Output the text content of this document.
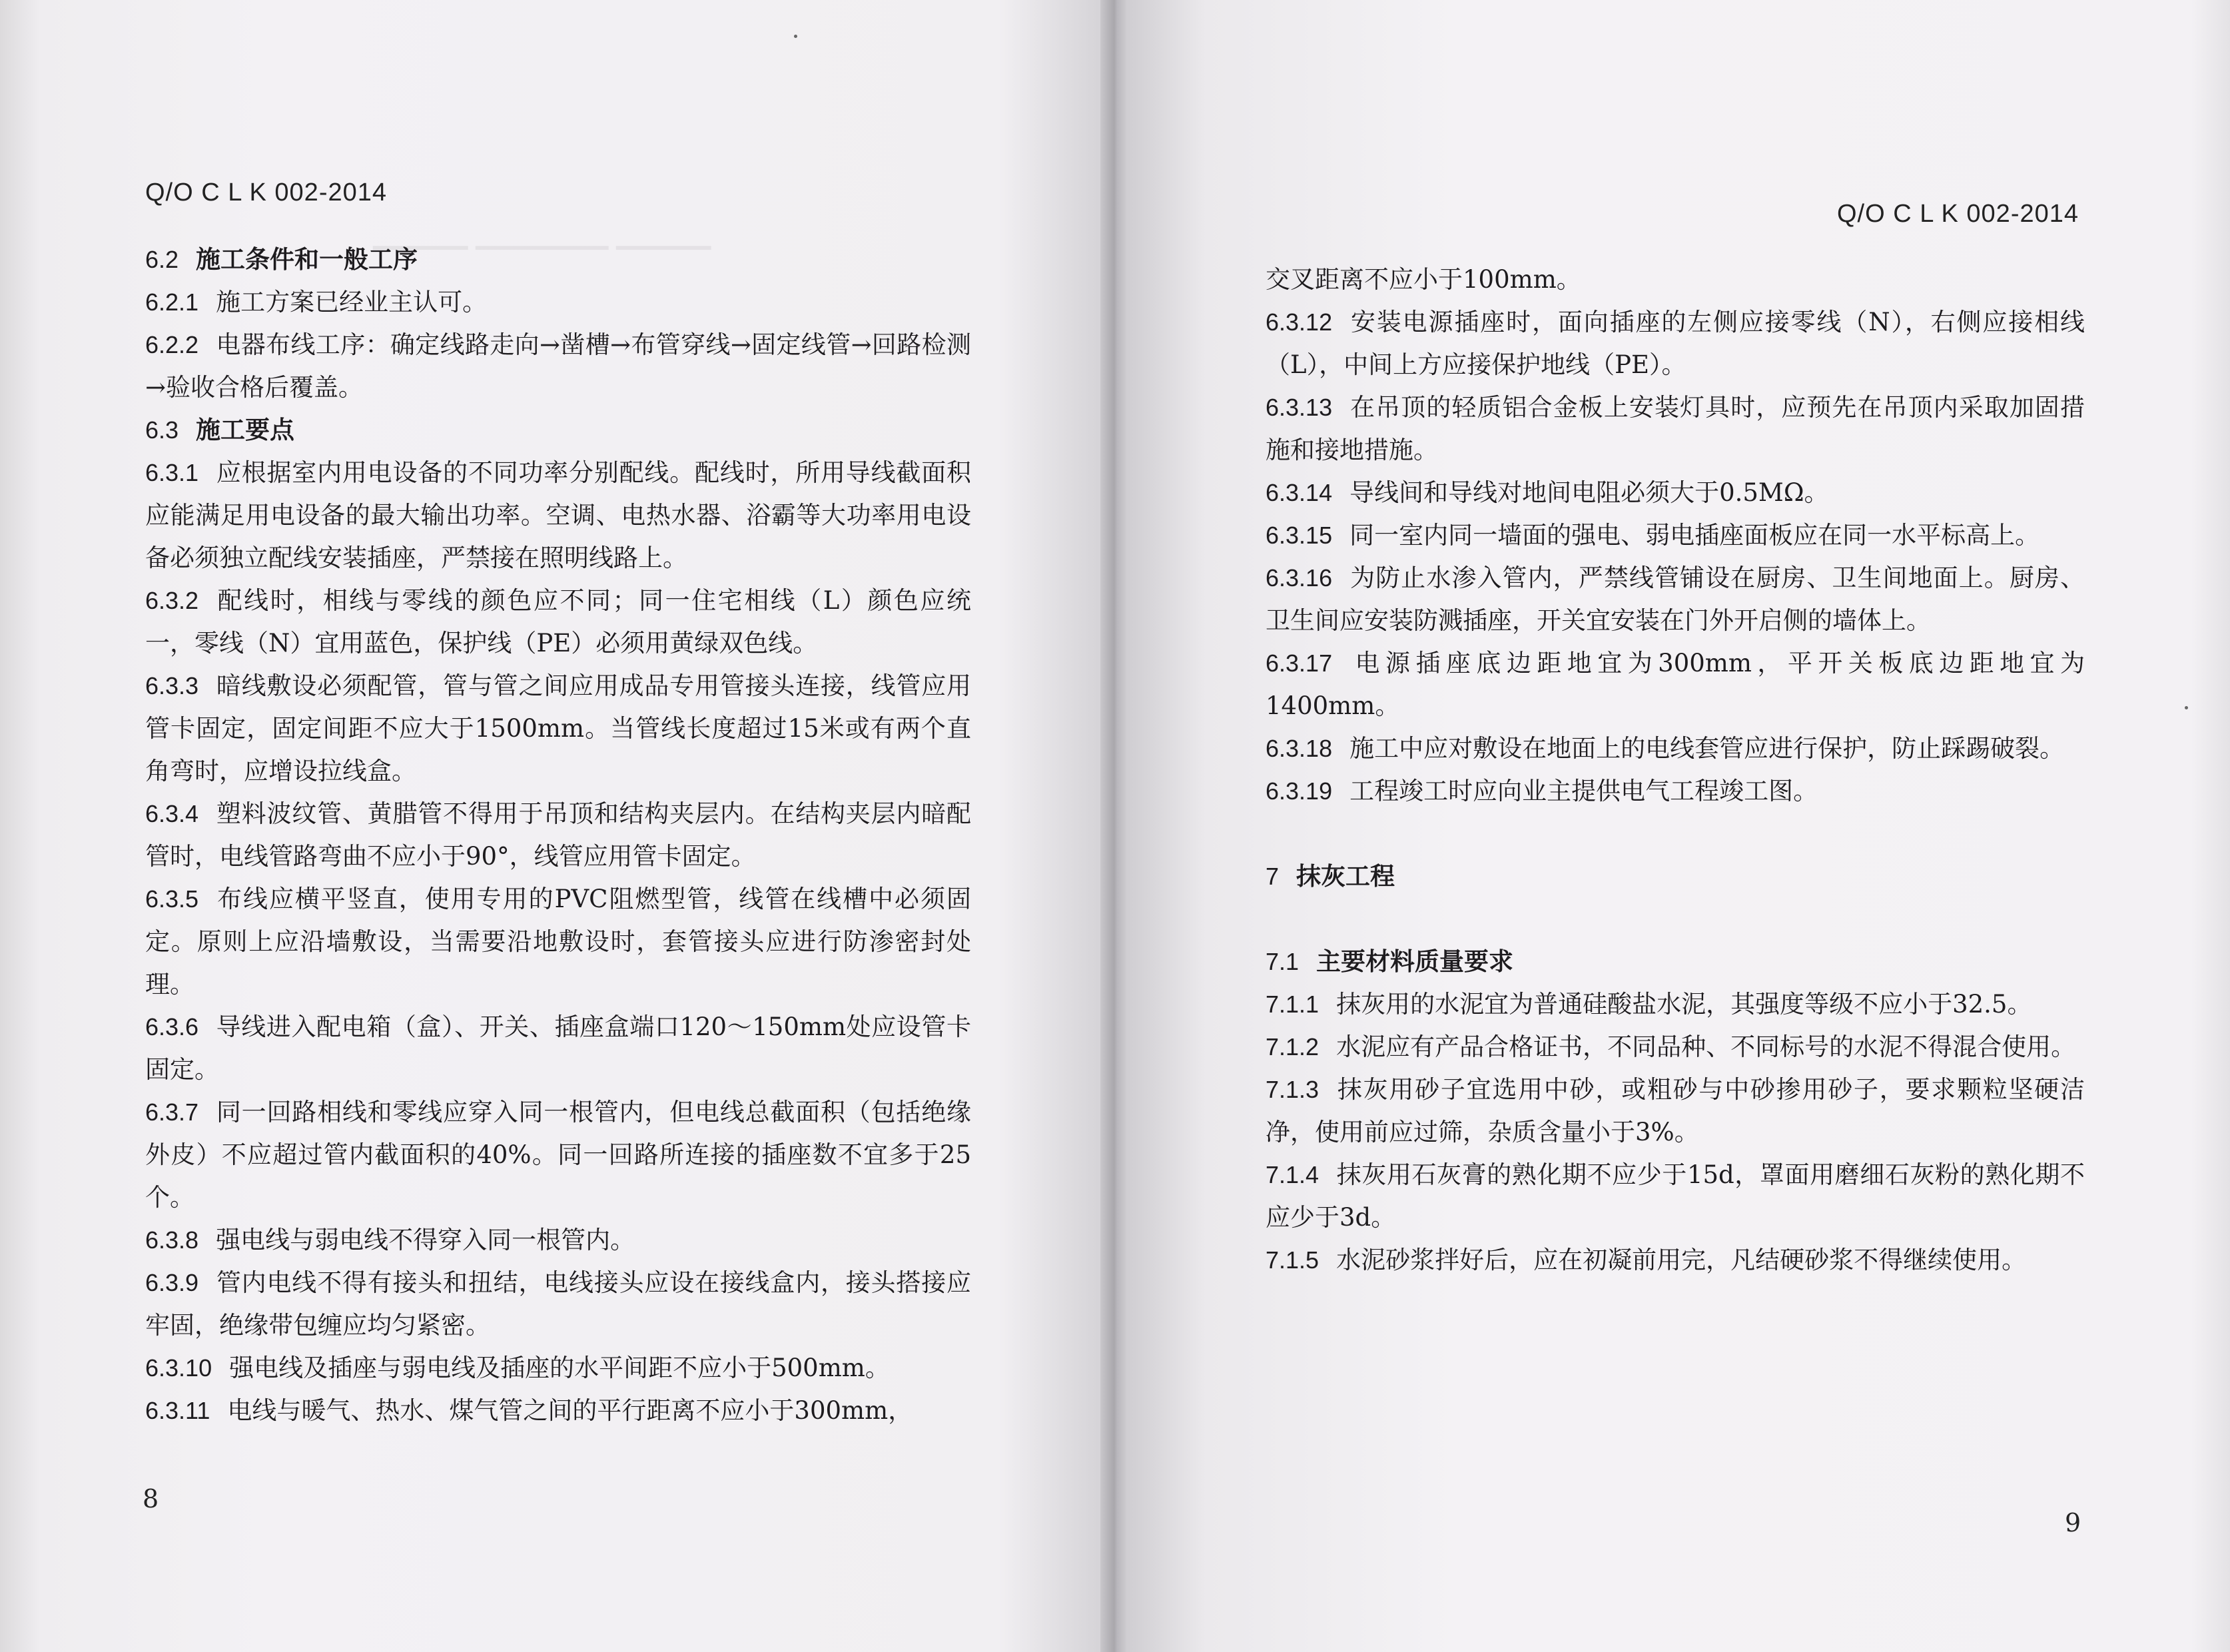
Q/O C L K 002-2014
▔▔▔▔▔ ▔▔▔▔▔▔▔ ▔▔▔▔▔

6.2 施工条件和一般工序

6.2.1 施工方案已经业主认可。

6.2.2 电器布线工序：确定线路走向→凿槽→布管穿线→固定线管→回路检测→验收合格后覆盖。

6.3 施工要点

6.3.1 应根据室内用电设备的不同功率分别配线。配线时，所用导线截面积应能满足用电设备的最大输出功率。空调、电热水器、浴霸等大功率用电设备必须独立配线安装插座，严禁接在照明线路上。

6.3.2 配线时，相线与零线的颜色应不同；同一住宅相线（L）颜色应统一，零线（N）宜用蓝色，保护线（PE）必须用黄绿双色线。

6.3.3 暗线敷设必须配管，管与管之间应用成品专用管接头连接，线管应用管卡固定，固定间距不应大于1500mm。当管线长度超过15米或有两个直角弯时，应增设拉线盒。

6.3.4 塑料波纹管、黄腊管不得用于吊顶和结构夹层内。在结构夹层内暗配管时，电线管路弯曲不应小于90°，线管应用管卡固定。

6.3.5 布线应横平竖直，使用专用的PVC阻燃型管，线管在线槽中必须固定。原则上应沿墙敷设，当需要沿地敷设时，套管接头应进行防渗密封处理。

6.3.6 导线进入配电箱（盒）、开关、插座盒端口120～150mm处应设管卡固定。

6.3.7 同一回路相线和零线应穿入同一根管内，但电线总截面积（包括绝缘外皮）不应超过管内截面积的40%。同一回路所连接的插座数不宜多于25个。

6.3.8 强电线与弱电线不得穿入同一根管内。

6.3.9 管内电线不得有接头和扭结，电线接头应设在接线盒内，接头搭接应牢固，绝缘带包缠应均匀紧密。

6.3.10 强电线及插座与弱电线及插座的水平间距不应小于500mm。

6.3.11 电线与暖气、热水、煤气管之间的平行距离不应小于300mm，

8
Q/O C L K 002-2014

交叉距离不应小于100mm。

6.3.12 安装电源插座时，面向插座的左侧应接零线（N），右侧应接相线（L），中间上方应接保护地线（PE）。

6.3.13 在吊顶的轻质铝合金板上安装灯具时，应预先在吊顶内采取加固措施和接地措施。

6.3.14 导线间和导线对地间电阻必须大于0.5MΩ。

6.3.15 同一室内同一墙面的强电、弱电插座面板应在同一水平标高上。

6.3.16 为防止水渗入管内，严禁线管铺设在厨房、卫生间地面上。厨房、卫生间应安装防溅插座，开关宜安装在门外开启侧的墙体上。

6.3.17 电源插座底边距地宜为300mm，平开关板底边距地宜为1400mm。

6.3.18 施工中应对敷设在地面上的电线套管应进行保护，防止踩踢破裂。

6.3.19 工程竣工时应向业主提供电气工程竣工图。

7 抹灰工程

7.1 主要材料质量要求

7.1.1 抹灰用的水泥宜为普通硅酸盐水泥，其强度等级不应小于32.5。

7.1.2 水泥应有产品合格证书，不同品种、不同标号的水泥不得混合使用。

7.1.3 抹灰用砂子宜选用中砂，或粗砂与中砂掺用砂子，要求颗粒坚硬洁净，使用前应过筛，杂质含量小于3%。

7.1.4 抹灰用石灰膏的熟化期不应少于15d，罩面用磨细石灰粉的熟化期不应少于3d。

7.1.5 水泥砂浆拌好后，应在初凝前用完，凡结硬砂浆不得继续使用。

9
